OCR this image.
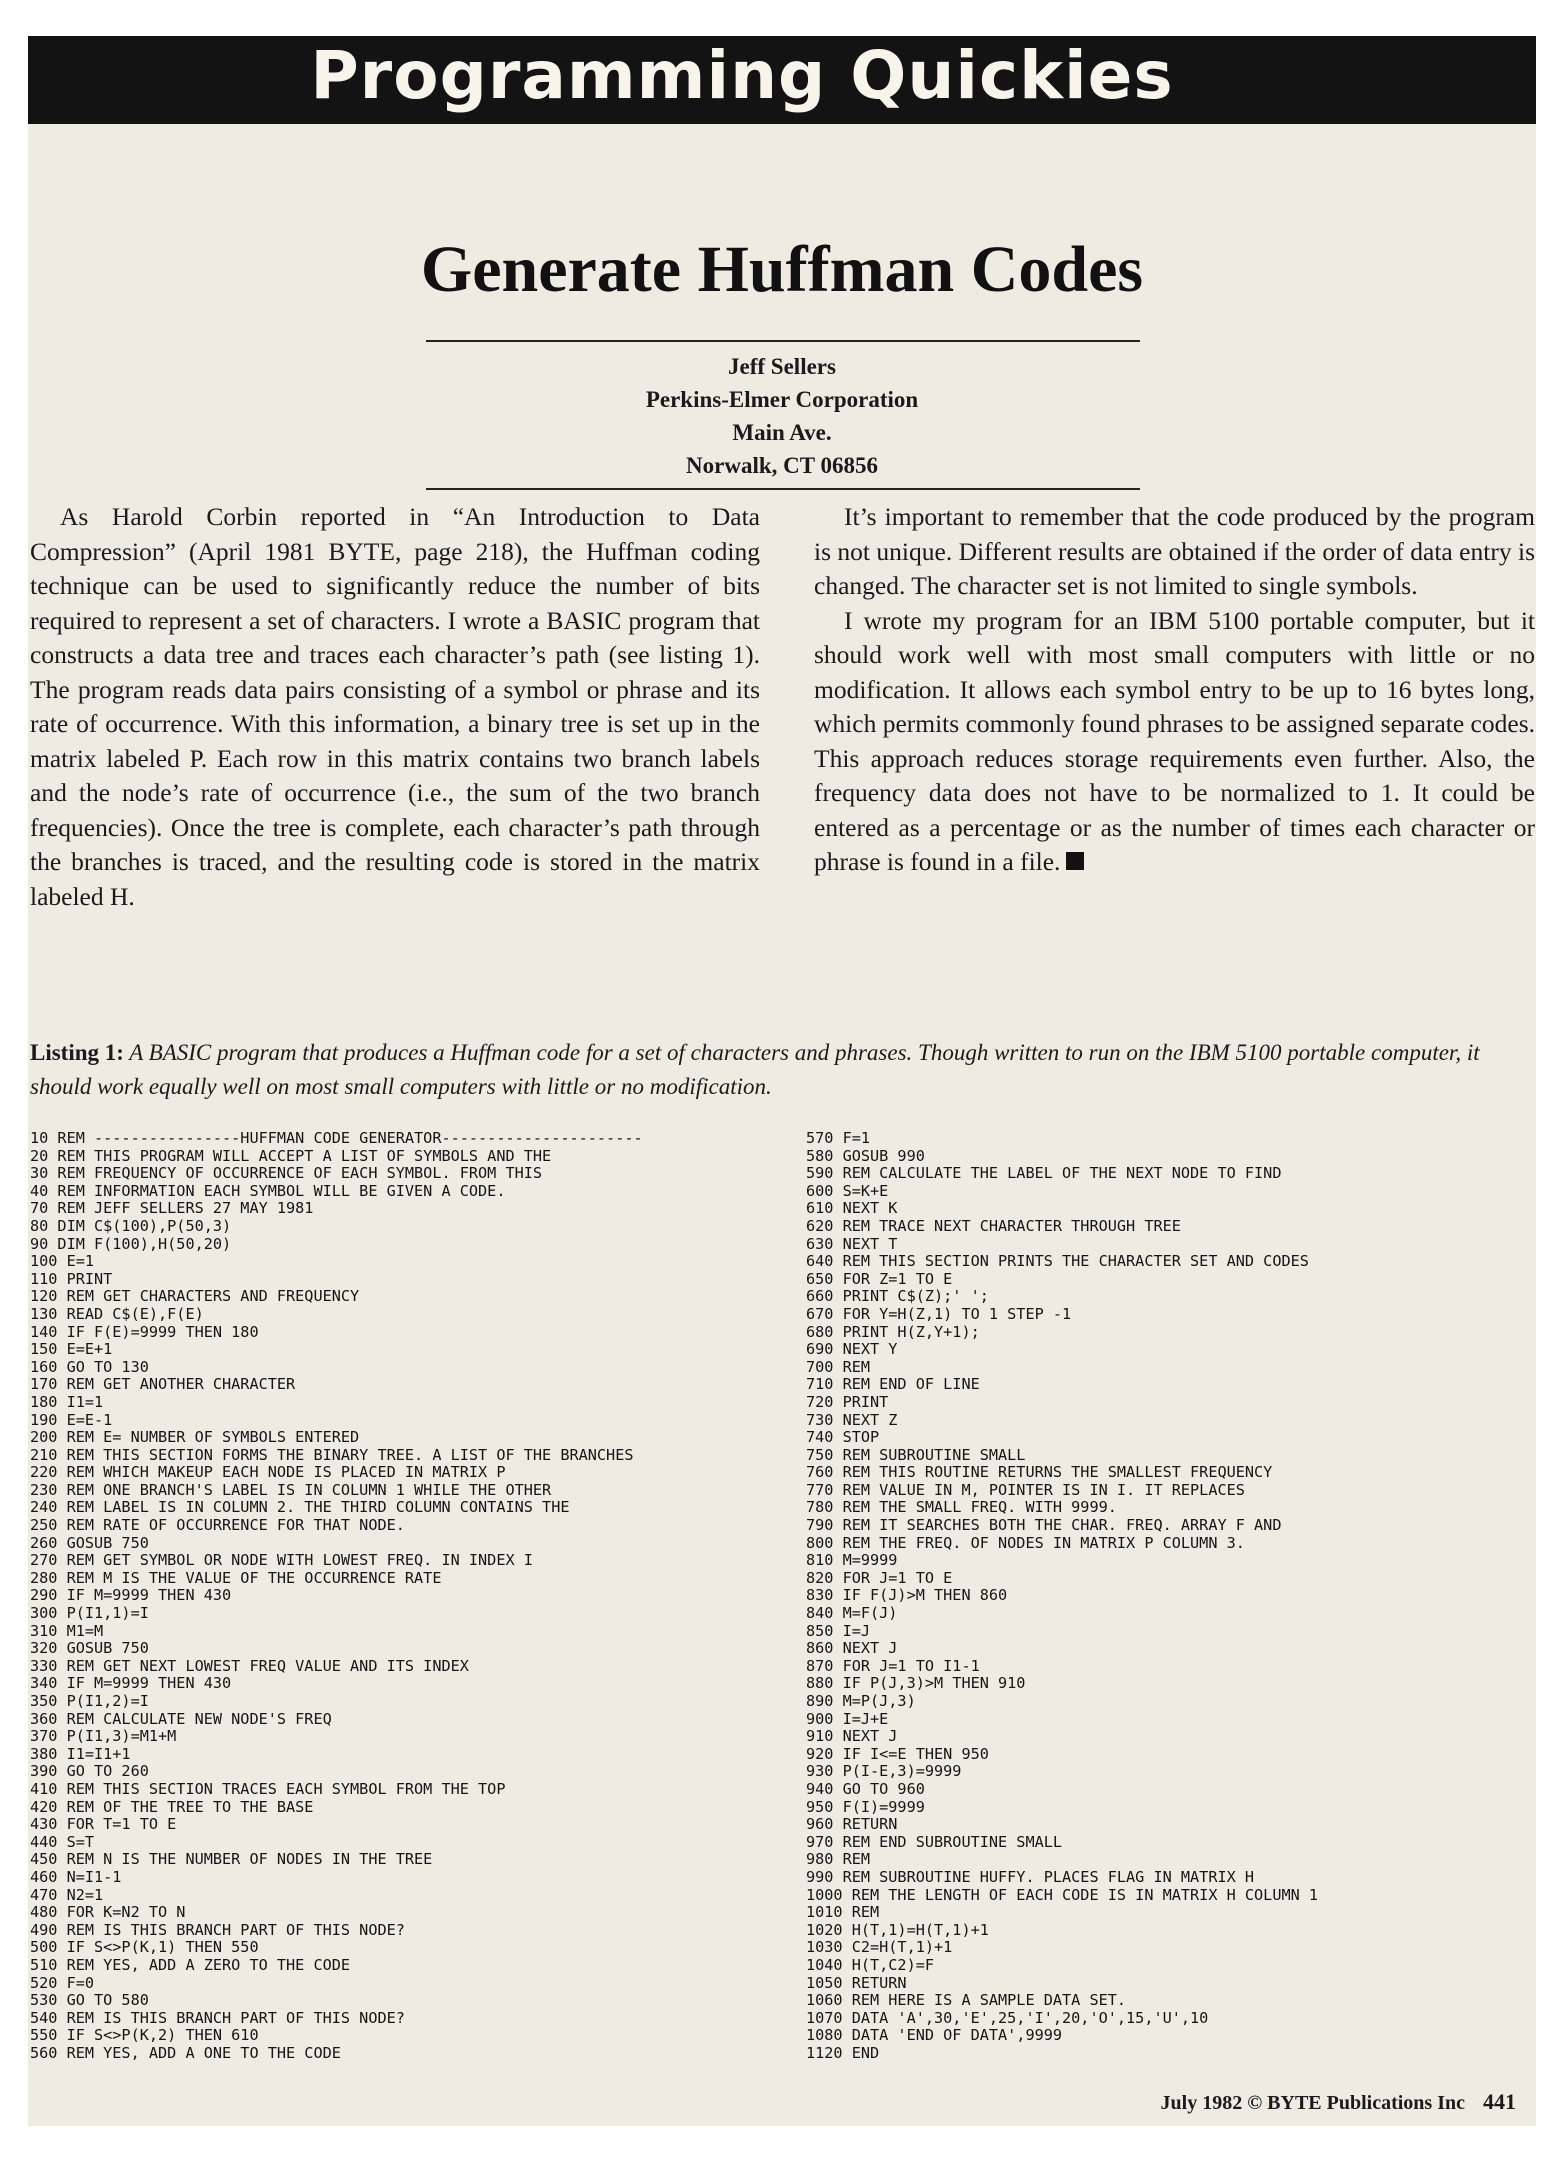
Programming Quickies
Generate Huffman Codes
Jeff Sellers
Perkins-Elmer Corporation
Main Ave.
Norwalk, CT 06856

As Harold Corbin reported in “An Introduction to Data Compression” (April 1981 BYTE, page 218), the Huffman coding technique can be used to significantly reduce the number of bits required to represent a set of characters. I wrote a BASIC program that constructs a data tree and traces each character’s path (see listing 1). The program reads data pairs consisting of a symbol or phrase and its rate of occurrence. With this information, a binary tree is set up in the matrix labeled P. Each row in this matrix contains two branch labels and the node’s rate of occurrence (i.e., the sum of the two branch frequencies). Once the tree is complete, each character’s path through the branches is traced, and the resulting code is stored in the matrix labeled H.

It’s important to remember that the code produced by the program is not unique. Different results are obtained if the order of data entry is changed. The character set is not limited to single symbols.

I wrote my program for an IBM 5100 portable computer, but it should work well with most small computers with little or no modification. It allows each symbol entry to be up to 16 bytes long, which permits commonly found phrases to be assigned separate codes. This approach reduces storage requirements even further. Also, the frequency data does not have to be normalized to 1. It could be entered as a percentage or as the number of times each character or phrase is found in a file.

Listing 1: A BASIC program that produces a Huffman code for a set of characters and phrases. Though written to run on the IBM 5100 portable computer, it should work equally well on most small computers with little or no modification.
10 REM ----------------HUFFMAN CODE GENERATOR----------------------
20 REM THIS PROGRAM WILL ACCEPT A LIST OF SYMBOLS AND THE
30 REM FREQUENCY OF OCCURRENCE OF EACH SYMBOL. FROM THIS
40 REM INFORMATION EACH SYMBOL WILL BE GIVEN A CODE.
70 REM JEFF SELLERS 27 MAY 1981
80 DIM C$(100),P(50,3)
90 DIM F(100),H(50,20)
100 E=1
110 PRINT
120 REM GET CHARACTERS AND FREQUENCY
130 READ C$(E),F(E)
140 IF F(E)=9999 THEN 180
150 E=E+1
160 GO TO 130
170 REM GET ANOTHER CHARACTER
180 I1=1
190 E=E-1
200 REM E= NUMBER OF SYMBOLS ENTERED
210 REM THIS SECTION FORMS THE BINARY TREE. A LIST OF THE BRANCHES
220 REM WHICH MAKEUP EACH NODE IS PLACED IN MATRIX P
230 REM ONE BRANCH'S LABEL IS IN COLUMN 1 WHILE THE OTHER
240 REM LABEL IS IN COLUMN 2. THE THIRD COLUMN CONTAINS THE
250 REM RATE OF OCCURRENCE FOR THAT NODE.
260 GOSUB 750
270 REM GET SYMBOL OR NODE WITH LOWEST FREQ. IN INDEX I
280 REM M IS THE VALUE OF THE OCCURRENCE RATE
290 IF M=9999 THEN 430
300 P(I1,1)=I
310 M1=M
320 GOSUB 750
330 REM GET NEXT LOWEST FREQ VALUE AND ITS INDEX
340 IF M=9999 THEN 430
350 P(I1,2)=I
360 REM CALCULATE NEW NODE'S FREQ
370 P(I1,3)=M1+M
380 I1=I1+1
390 GO TO 260
410 REM THIS SECTION TRACES EACH SYMBOL FROM THE TOP
420 REM OF THE TREE TO THE BASE
430 FOR T=1 TO E
440 S=T
450 REM N IS THE NUMBER OF NODES IN THE TREE
460 N=I1-1
470 N2=1
480 FOR K=N2 TO N
490 REM IS THIS BRANCH PART OF THIS NODE?
500 IF S<>P(K,1) THEN 550
510 REM YES, ADD A ZERO TO THE CODE
520 F=0
530 GO TO 580
540 REM IS THIS BRANCH PART OF THIS NODE?
550 IF S<>P(K,2) THEN 610
560 REM YES, ADD A ONE TO THE CODE
570 F=1
580 GOSUB 990
590 REM CALCULATE THE LABEL OF THE NEXT NODE TO FIND
600 S=K+E
610 NEXT K
620 REM TRACE NEXT CHARACTER THROUGH TREE
630 NEXT T
640 REM THIS SECTION PRINTS THE CHARACTER SET AND CODES
650 FOR Z=1 TO E
660 PRINT C$(Z);' ';
670 FOR Y=H(Z,1) TO 1 STEP -1
680 PRINT H(Z,Y+1);
690 NEXT Y
700 REM
710 REM END OF LINE
720 PRINT
730 NEXT Z
740 STOP
750 REM SUBROUTINE SMALL
760 REM THIS ROUTINE RETURNS THE SMALLEST FREQUENCY
770 REM VALUE IN M, POINTER IS IN I. IT REPLACES
780 REM THE SMALL FREQ. WITH 9999.
790 REM IT SEARCHES BOTH THE CHAR. FREQ. ARRAY F AND
800 REM THE FREQ. OF NODES IN MATRIX P COLUMN 3.
810 M=9999
820 FOR J=1 TO E
830 IF F(J)>M THEN 860
840 M=F(J)
850 I=J
860 NEXT J
870 FOR J=1 TO I1-1
880 IF P(J,3)>M THEN 910
890 M=P(J,3)
900 I=J+E
910 NEXT J
920 IF I<=E THEN 950
930 P(I-E,3)=9999
940 GO TO 960
950 F(I)=9999
960 RETURN
970 REM END SUBROUTINE SMALL
980 REM
990 REM SUBROUTINE HUFFY. PLACES FLAG IN MATRIX H
1000 REM THE LENGTH OF EACH CODE IS IN MATRIX H COLUMN 1
1010 REM
1020 H(T,1)=H(T,1)+1
1030 C2=H(T,1)+1
1040 H(T,C2)=F
1050 RETURN
1060 REM HERE IS A SAMPLE DATA SET.
1070 DATA 'A',30,'E',25,'I',20,'O',15,'U',10
1080 DATA 'END OF DATA',9999
1120 END
July 1982 © BYTE Publications Inc 441
